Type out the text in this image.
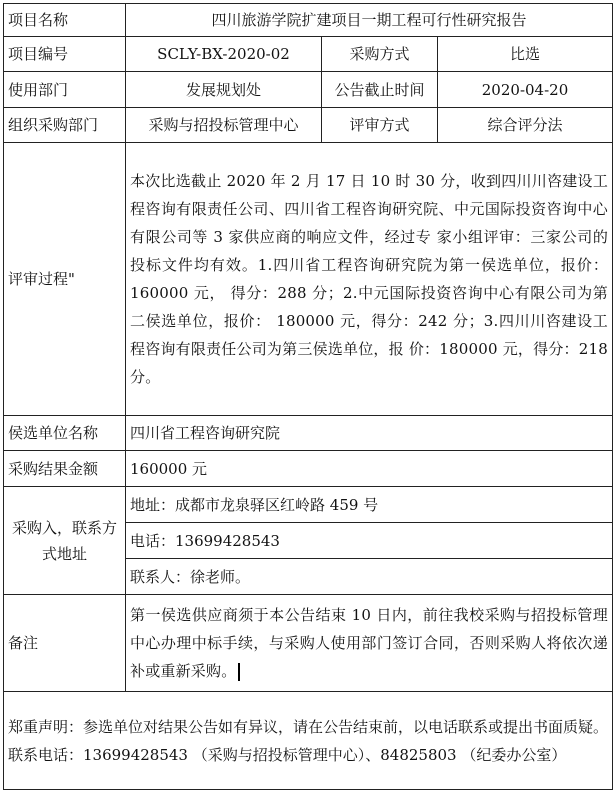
项目名称	四川旅游学院扩建项目一期工程可行性研究报告		
项目编号	SCLY-BX-2020-02	采购方式	比选
使用部门	发展规划处	公告截止时间	2020-04-20
组织采购部门	采购与招投标管理中心	评审方式	综合评分法
评审过程"	本次比选截止 2020 年 2 月 17 日 10 时 30 分，收到四川川咨建设工程咨询有限责任公司、四川省工程咨询研究院、中元国际投资咨询中心有限公司等 3 家供应商的响应文件，经过专 家小组评审：三家公司的投标文件均有效。1.四川省工程咨询研究院为第一侯选单位，报价：160000 元， 得分：288 分；2.中元国际投资咨询中心有限公司为第二侯选单位，报价： 180000 元，得分：242 分；3.四川川咨建设工程咨询有限责任公司为第三侯选单位，报 价：180000 元，得分：218 分。		
侯选单位名称	四川省工程咨询研究院		
采购结果金额	160000 元		
采购入，联系方式地址	地址：成都市龙泉驿区红岭路 459 号		
	电话：13699428543		
	联系人：徐老师。		
备注	第一侯选供应商须于本公告结束 10 日内，前往我校采购与招投标管理中心办理中标手续，与采购人使用部门签订合同，否则采购人将依次递补或重新采购。		
郑重声明：参选单位对结果公告如有异议，请在公告结束前，以电话联系或提出书面质疑。联系电话：13699428543 （采购与招投标管理中心）、84825803 （纪委办公室）			
